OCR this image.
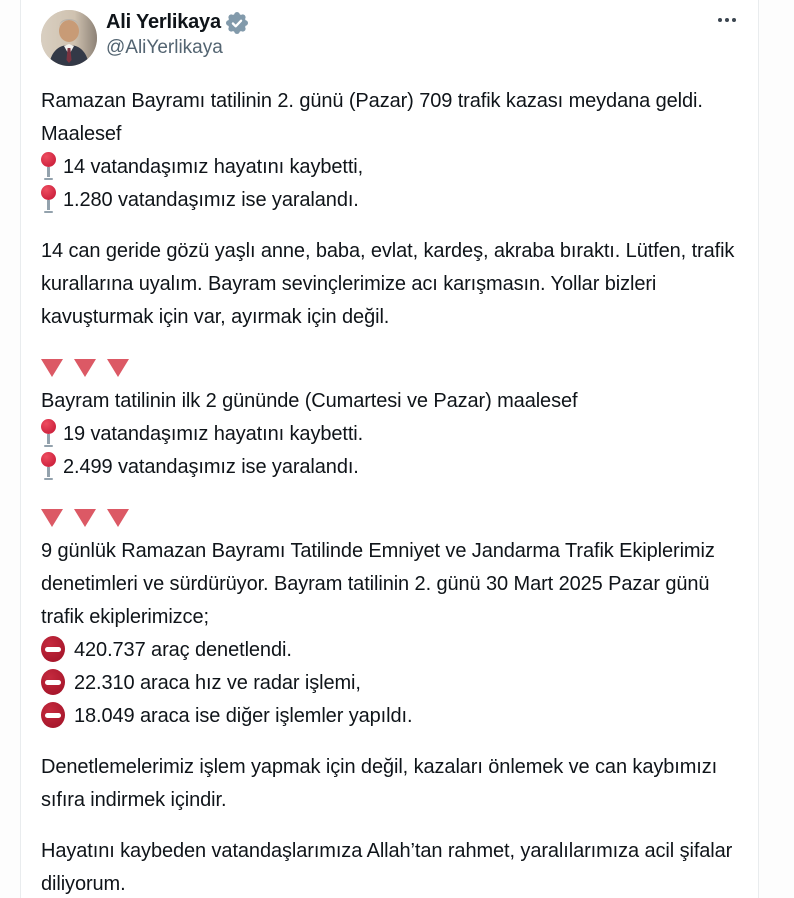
Ali Yerlikaya
@AliYerlikaya
Ramazan Bayramı tatilinin 2. günü (Pazar) 709 trafik kazası meydana geldi. Maalesef
14 vatandaşımız hayatını kaybetti,
1.280 vatandaşımız ise yaralandı.
14 can geride gözü yaşlı anne, baba, evlat, kardeş, akraba bıraktı. Lütfen, trafik kurallarına uyalım. Bayram sevinçlerimize acı karışmasın. Yollar bizleri kavuşturmak için var, ayırmak için değil.
Bayram tatilinin ilk 2 gününde (Cumartesi ve Pazar) maalesef
19 vatandaşımız hayatını kaybetti.
2.499 vatandaşımız ise yaralandı.
9 günlük Ramazan Bayramı Tatilinde Emniyet ve Jandarma Trafik Ekiplerimiz denetimleri ve sürdürüyor. Bayram tatilinin 2. günü 30 Mart 2025 Pazar günü trafik ekiplerimizce;
420.737 araç denetlendi.
22.310 araca hız ve radar işlemi,
18.049 araca ise diğer işlemler yapıldı.
Denetlemelerimiz işlem yapmak için değil, kazaları önlemek ve can kaybımızı sıfıra indirmek içindir.
Hayatını kaybeden vatandaşlarımıza Allah’tan rahmet, yaralılarımıza acil şifalar diliyorum.
